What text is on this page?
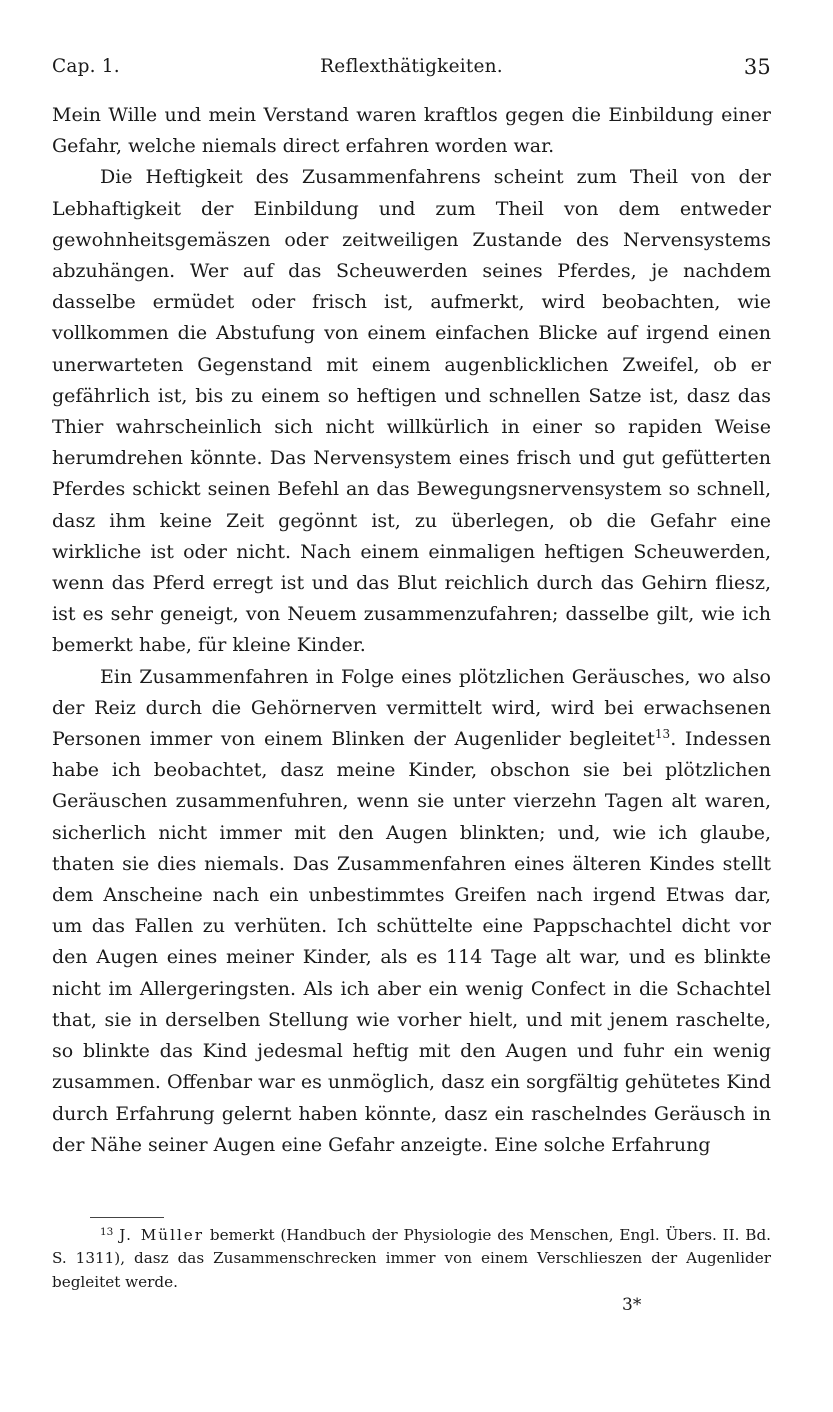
Cap. 1.	Reflexthätigkeiten.	35

Mein Wille und mein Verstand waren kraftlos gegen die Einbildung einer Gefahr, welche niemals direct erfahren worden war.

Die Heftigkeit des Zusammenfahrens scheint zum Theil von der Lebhaftigkeit der Einbildung und zum Theil von dem entweder gewohnheitsgemäszen oder zeitweiligen Zustande des Nervensystems abzuhängen. Wer auf das Scheuwerden seines Pferdes, je nachdem dasselbe ermüdet oder frisch ist, aufmerkt, wird beobachten, wie vollkommen die Abstufung von einem einfachen Blicke auf irgend einen unerwarteten Gegenstand mit einem augenblicklichen Zweifel, ob er gefährlich ist, bis zu einem so heftigen und schnellen Satze ist, dasz das Thier wahrscheinlich sich nicht willkürlich in einer so rapiden Weise herumdrehen könnte. Das Nervensystem eines frisch und gut gefütterten Pferdes schickt seinen Befehl an das Bewegungsnervensystem so schnell, dasz ihm keine Zeit gegönnt ist, zu überlegen, ob die Gefahr eine wirkliche ist oder nicht. Nach einem einmaligen heftigen Scheuwerden, wenn das Pferd erregt ist und das Blut reichlich durch das Gehirn fliesz, ist es sehr geneigt, von Neuem zusammenzufahren; dasselbe gilt, wie ich bemerkt habe, für kleine Kinder.

Ein Zusammenfahren in Folge eines plötzlichen Geräusches, wo also der Reiz durch die Gehörnerven vermittelt wird, wird bei erwachsenen Personen immer von einem Blinken der Augenlider begleitet$^{13}$. Indessen habe ich beobachtet, dasz meine Kinder, obschon sie bei plötzlichen Geräuschen zusammenfuhren, wenn sie unter vierzehn Tagen alt waren, sicherlich nicht immer mit den Augen blinkten; und, wie ich glaube, thaten sie dies niemals. Das Zusammenfahren eines älteren Kindes stellt dem Anscheine nach ein unbestimmtes Greifen nach irgend Etwas dar, um das Fallen zu verhüten. Ich schüttelte eine Pappschachtel dicht vor den Augen eines meiner Kinder, als es 114 Tage alt war, und es blinkte nicht im Allergeringsten. Als ich aber ein wenig Confect in die Schachtel that, sie in derselben Stellung wie vorher hielt, und mit jenem raschelte, so blinkte das Kind jedesmal heftig mit den Augen und fuhr ein wenig zusammen. Offenbar war es unmöglich, dasz ein sorgfältig gehütetes Kind durch Erfahrung gelernt haben könnte, dasz ein raschelndes Geräusch in der Nähe seiner Augen eine Gefahr anzeigte. Eine solche Erfahrung

$^{13}$ J. Müller bemerkt (Handbuch der Physiologie des Menschen, Engl. Übers. II. Bd. S. 1311), dasz das Zusammenschrecken immer von einem Verschlieszen der Augenlider begleitet werde.

3*
